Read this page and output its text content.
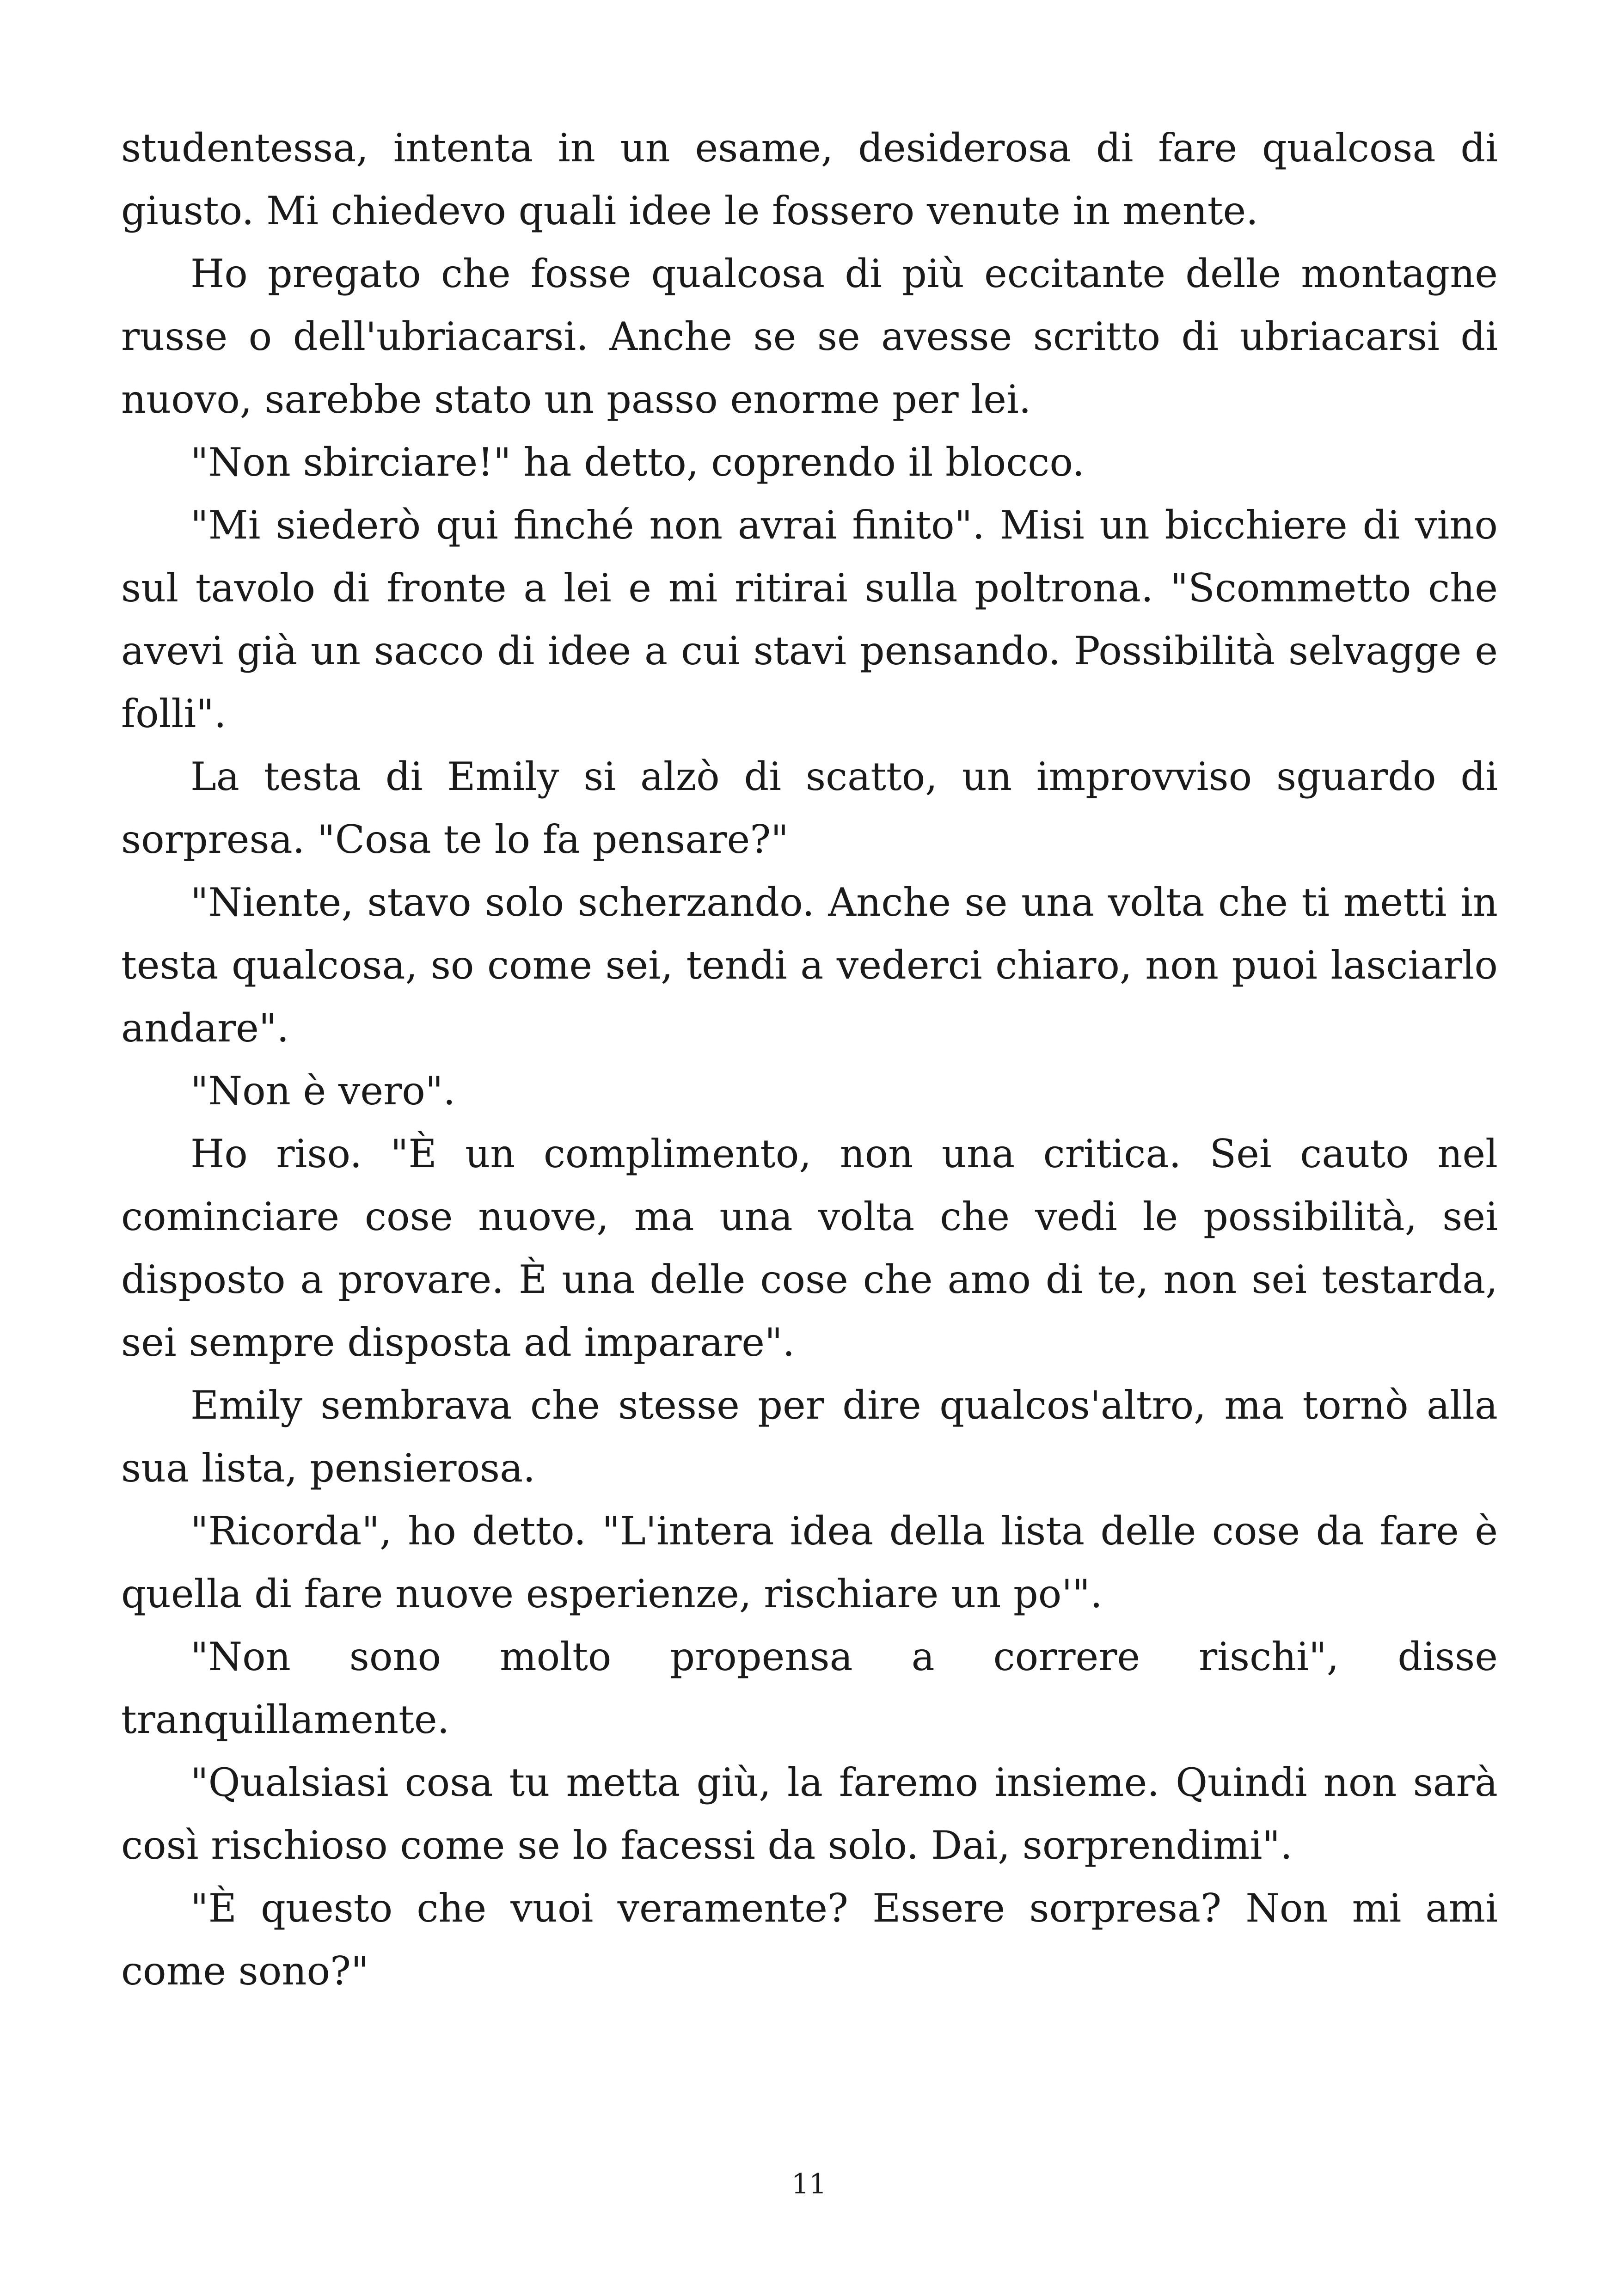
studentessa, intenta in un esame, desiderosa di fare qualcosa di giusto. Mi chiedevo quali idee le fossero venute in mente.

Ho pregato che fosse qualcosa di più eccitante delle montagne russe o dell'ubriacarsi. Anche se se avesse scritto di ubriacarsi di nuovo, sarebbe stato un passo enorme per lei.

"Non sbirciare!" ha detto, coprendo il blocco.

"Mi siederò qui finché non avrai finito". Misi un bicchiere di vino sul tavolo di fronte a lei e mi ritirai sulla poltrona. "Scommetto che avevi già un sacco di idee a cui stavi pensando. Possibilità selvagge e folli".

La testa di Emily si alzò di scatto, un improvviso sguardo di sorpresa. "Cosa te lo fa pensare?"

"Niente, stavo solo scherzando. Anche se una volta che ti metti in testa qualcosa, so come sei, tendi a vederci chiaro, non puoi lasciarlo andare".

"Non è vero".

Ho riso. "È un complimento, non una critica. Sei cauto nel cominciare cose nuove, ma una volta che vedi le possibilità, sei disposto a provare. È una delle cose che amo di te, non sei testarda, sei sempre disposta ad imparare".

Emily sembrava che stesse per dire qualcos'altro, ma tornò alla sua lista, pensierosa.

"Ricorda", ho detto. "L'intera idea della lista delle cose da fare è quella di fare nuove esperienze, rischiare un po'".

"Non sono molto propensa a correre rischi", disse tranquillamente.

"Qualsiasi cosa tu metta giù, la faremo insieme. Quindi non sarà così rischioso come se lo facessi da solo. Dai, sorprendimi".

"È questo che vuoi veramente? Essere sorpresa? Non mi ami come sono?"

11
